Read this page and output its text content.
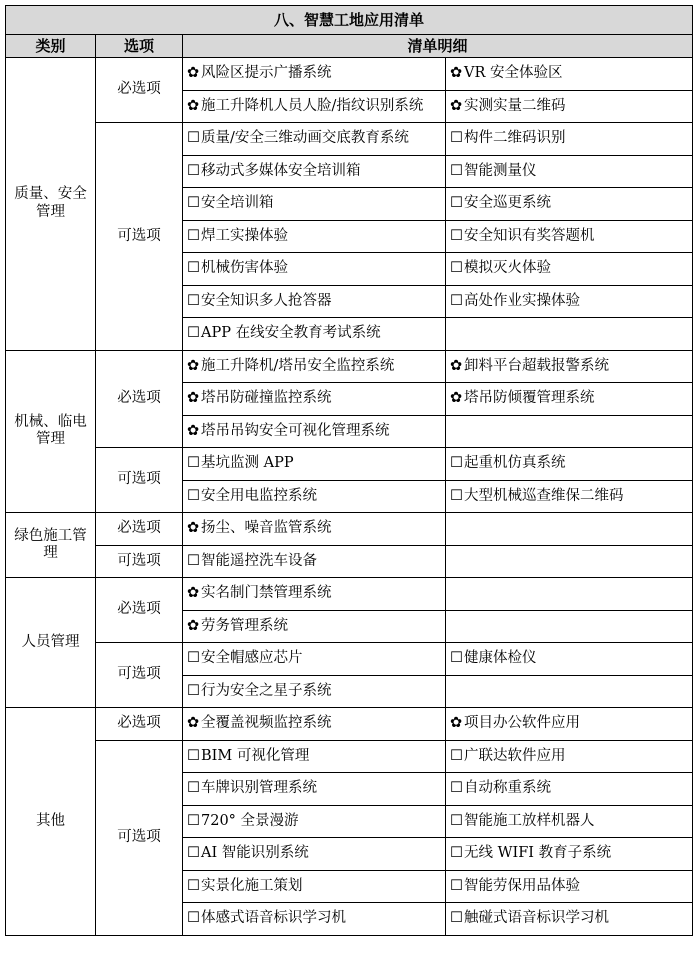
八、智慧工地应用清单			
类别	选项	清单明细	
质量、安全管理	必选项	✿ 风险区提示广播系统	✿ VR 安全体验区
		✿ 施工升降机人员人脸/指纹识别系统	✿ 实测实量二维码
	可选项	☐质量/安全三维动画交底教育系统	☐构件二维码识别
		☐移动式多媒体安全培训箱	☐智能测量仪
		☐安全培训箱	☐安全巡更系统
		☐焊工实操体验	☐安全知识有奖答题机
		☐机械伤害体验	☐模拟灭火体验
		☐安全知识多人抢答器	☐高处作业实操体验
		☐APP 在线安全教育考试系统	
机械、临电管理	必选项	✿ 施工升降机/塔吊安全监控系统	✿ 卸料平台超载报警系统
		✿ 塔吊防碰撞监控系统	✿ 塔吊防倾覆管理系统
		✿ 塔吊吊钩安全可视化管理系统	
	可选项	☐基坑监测 APP	☐起重机仿真系统
		☐安全用电监控系统	☐大型机械巡查维保二维码
绿色施工管理	必选项	✿ 扬尘、噪音监管系统	
	可选项	☐智能遥控洗车设备	
人员管理	必选项	✿ 实名制门禁管理系统	
		✿ 劳务管理系统	
	可选项	☐安全帽感应芯片	☐健康体检仪
		☐行为安全之星子系统	
其他	必选项	✿ 全覆盖视频监控系统	✿ 项目办公软件应用
	可选项	☐BIM 可视化管理	☐广联达软件应用
		☐车牌识别管理系统	☐自动称重系统
		☐720° 全景漫游	☐智能施工放样机器人
		☐AI 智能识别系统	☐无线 WIFI 教育子系统
		☐实景化施工策划	☐智能劳保用品体验
		☐体感式语音标识学习机	☐触碰式语音标识学习机
